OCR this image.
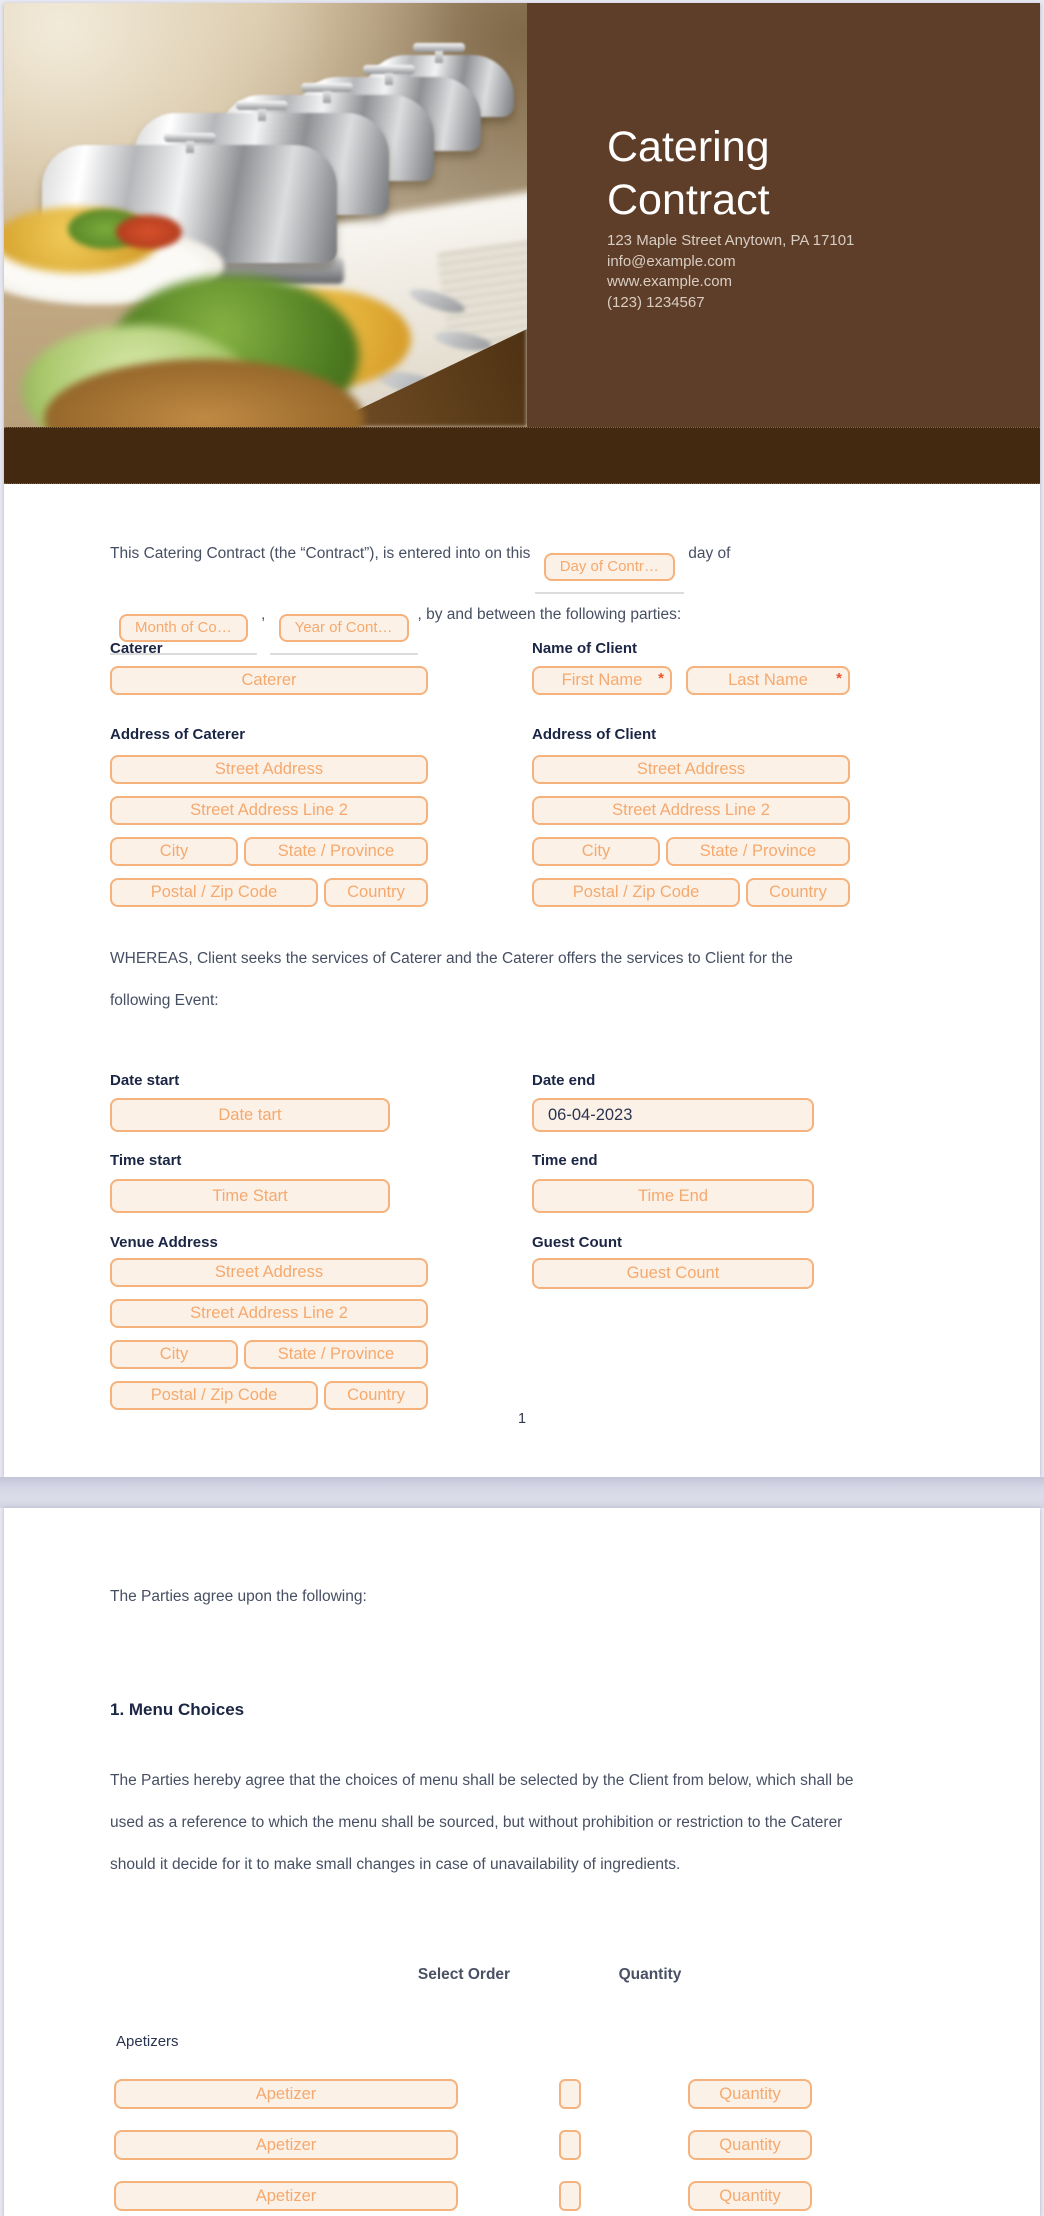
Catering
Contract
123 Maple Street Anytown, PA 17101
info@example.com
www.example.com
(123) 1234567
This Catering Contract (the “Contract”), is entered into on this Day of Contr… day of Month of Co… , Year of Cont…, by and between the following parties:
Caterer	Name of Client
Caterer	First Name *	Last Name *
Address of Caterer
Street Address
Street Address Line 2
City	State / Province
Postal / Zip Code	Country
Address of Client
Street Address
Street Address Line 2
City	State / Province
Postal / Zip Code	Country
WHEREAS, Client seeks the services of Caterer and the Caterer offers the services to Client for the following Event:
Date start	Date end
Date tart	06-04-2023
Time start	Time end
Time Start	Time End
Venue Address	Guest Count
Street Address	Guest Count
Street Address Line 2
City	State / Province
Postal / Zip Code	Country
1
The Parties agree upon the following:
1. Menu Choices
The Parties hereby agree that the choices of menu shall be selected by the Client from below, which shall be used as a reference to which the menu shall be sourced, but without prohibition or restriction to the Caterer should it decide for it to make small changes in case of unavailability of ingredients.
Select Order	Quantity
Apetizers
Apetizer	Quantity
Apetizer	Quantity
Apetizer	Quantity
